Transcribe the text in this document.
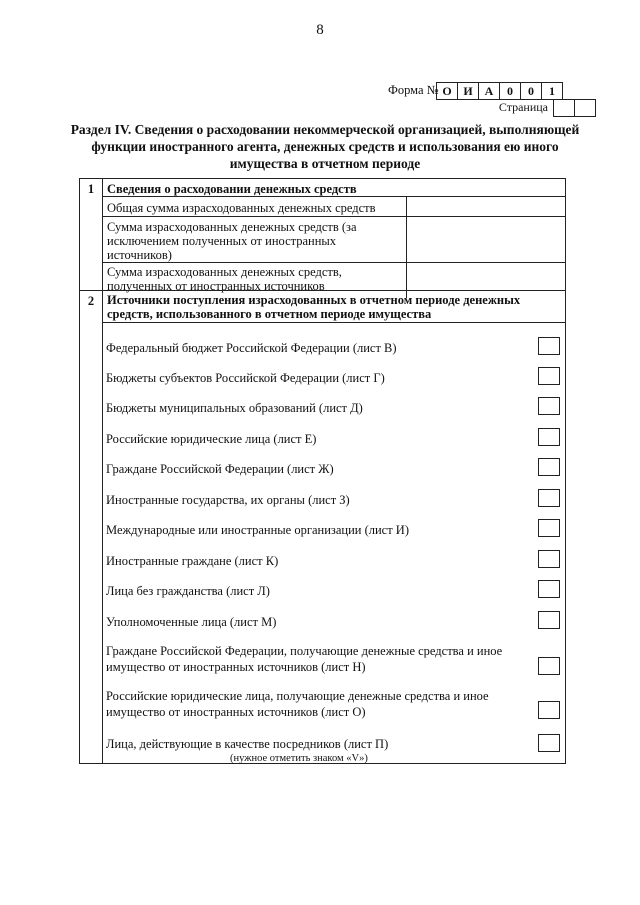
8
Форма № О И А	0	0	1
Страница
Раздел IV. Сведения о расходовании некоммерческой организацией, выполняющей функции иностранного агента, денежных средств и использования ею иного имущества в отчетном периоде
1	Сведения о расходовании денежных средств
Общая сумма израсходованных денежных средств
Сумма израсходованных денежных средств (за исключением полученных от иностранных источников)
Сумма израсходованных денежных средств, полученных от иностранных источников
2	Источники поступления израсходованных в отчетном периоде денежных средств, использованного в отчетном периоде имущества
Федеральный бюджет Российской Федерации (лист В)
Бюджеты субъектов Российской Федерации (лист Г)
Бюджеты муниципальных образований (лист Д)
Российские юридические лица (лист Е)
Граждане Российской Федерации (лист Ж)
Иностранные государства, их органы (лист З)
Международные или иностранные организации (лист И)
Иностранные граждане (лист К)
Лица без гражданства (лист Л)
Уполномоченные лица (лист М)
Граждане Российской Федерации, получающие денежные средства и иное имущество от иностранных источников (лист Н)
Российские юридические лица, получающие денежные средства и иное имущество от иностранных источников (лист О)
Лица, действующие в качестве посредников (лист П)
(нужное отметить знаком «V»)
